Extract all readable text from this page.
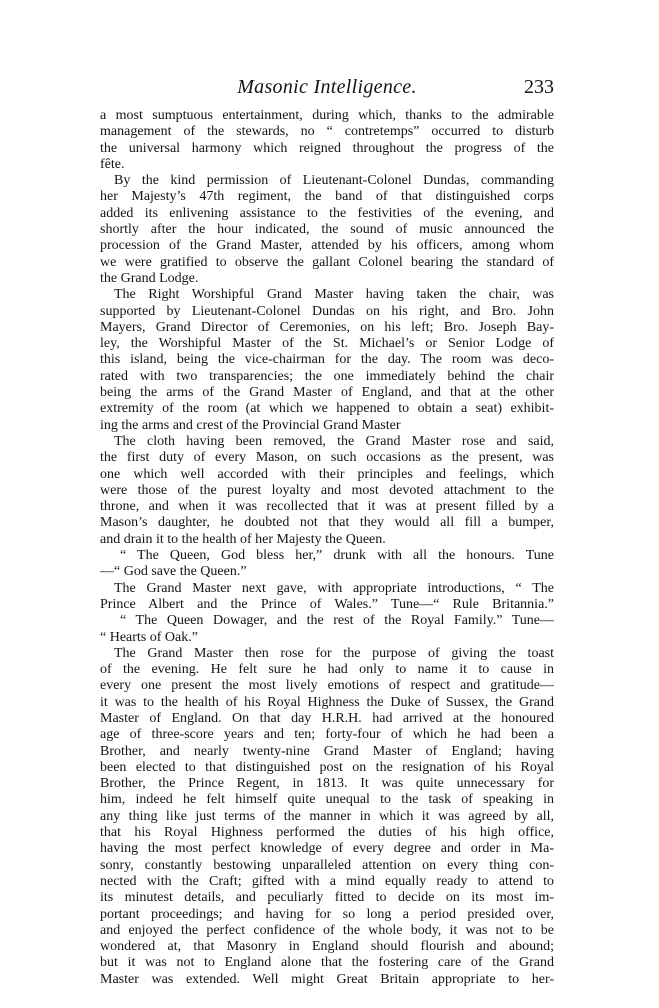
Masonic Intelligence.	233
a most sumptuous entertainment, during which, thanks to the admirable
management of the stewards, no “ contretemps” occurred to disturb
the universal harmony which reigned throughout the progress of the
fête.
By the kind permission of Lieutenant-Colonel Dundas, commanding
her Majesty’s 47th regiment, the band of that distinguished corps
added its enlivening assistance to the festivities of the evening, and
shortly after the hour indicated, the sound of music announced the
procession of the Grand Master, attended by his officers, among whom
we were gratified to observe the gallant Colonel bearing the standard of
the Grand Lodge.
The Right Worshipful Grand Master having taken the chair, was
supported by Lieutenant-Colonel Dundas on his right, and Bro. John
Mayers, Grand Director of Ceremonies, on his left; Bro. Joseph Bay-
ley, the Worshipful Master of the St. Michael’s or Senior Lodge of
this island, being the vice-chairman for the day. The room was deco-
rated with two transparencies; the one immediately behind the chair
being the arms of the Grand Master of England, and that at the other
extremity of the room (at which we happened to obtain a seat) exhibit-
ing the arms and crest of the Provincial Grand Master
The cloth having been removed, the Grand Master rose and said,
the first duty of every Mason, on such occasions as the present, was
one which well accorded with their principles and feelings, which
were those of the purest loyalty and most devoted attachment to the
throne, and when it was recollected that it was at present filled by a
Mason’s daughter, he doubted not that they would all fill a bumper,
and drain it to the health of her Majesty the Queen.
“ The Queen, God bless her,” drunk with all the honours. Tune
—“ God save the Queen.”
The Grand Master next gave, with appropriate introductions, “ The
Prince Albert and the Prince of Wales.” Tune—“ Rule Britannia.”
“ The Queen Dowager, and the rest of the Royal Family.” Tune—
“ Hearts of Oak.”
The Grand Master then rose for the purpose of giving the toast
of the evening. He felt sure he had only to name it to cause in
every one present the most lively emotions of respect and gratitude—
it was to the health of his Royal Highness the Duke of Sussex, the Grand
Master of England. On that day H.R.H. had arrived at the honoured
age of three-score years and ten; forty-four of which he had been a
Brother, and nearly twenty-nine Grand Master of England; having
been elected to that distinguished post on the resignation of his Royal
Brother, the Prince Regent, in 1813. It was quite unnecessary for
him, indeed he felt himself quite unequal to the task of speaking in
any thing like just terms of the manner in which it was agreed by all,
that his Royal Highness performed the duties of his high office,
having the most perfect knowledge of every degree and order in Ma-
sonry, constantly bestowing unparalleled attention on every thing con-
nected with the Craft; gifted with a mind equally ready to attend to
its minutest details, and peculiarly fitted to decide on its most im-
portant proceedings; and having for so long a period presided over,
and enjoyed the perfect confidence of the whole body, it was not to be
wondered at, that Masonry in England should flourish and abound;
but it was not to England alone that the fostering care of the Grand
Master was extended. Well might Great Britain appropriate to her-
